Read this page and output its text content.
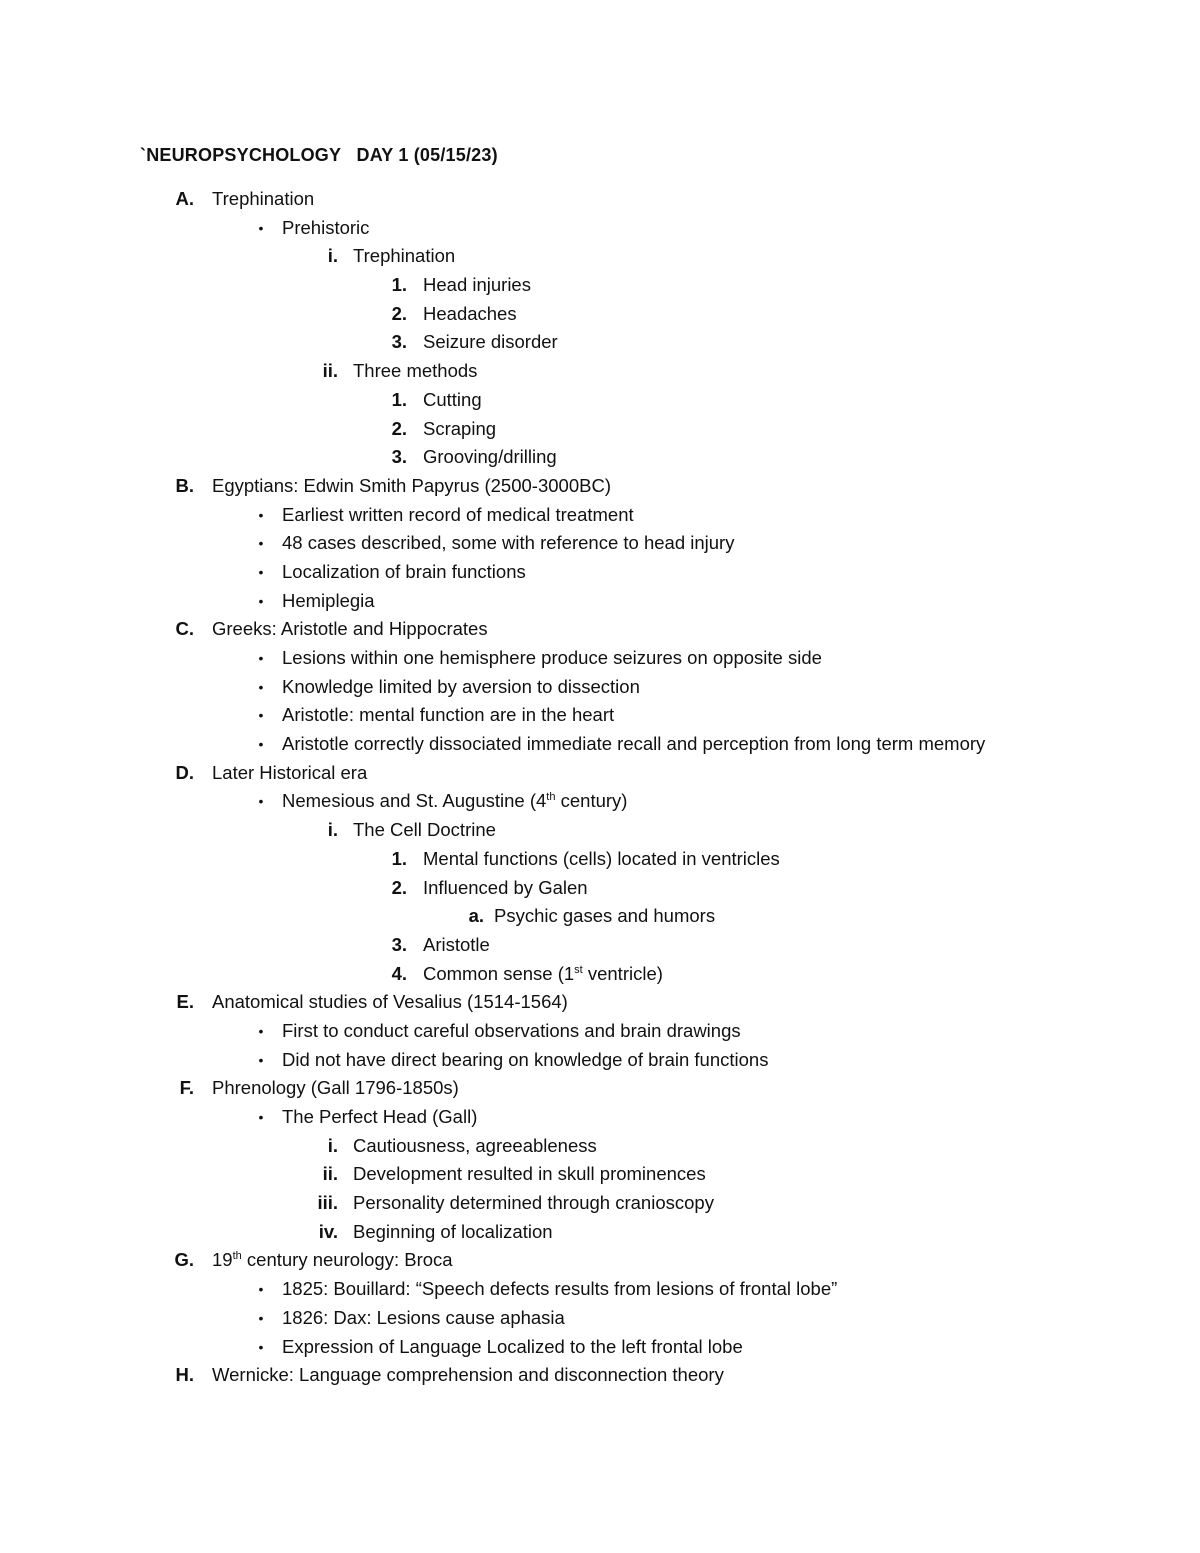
`NEUROPSYCHOLOGY   DAY 1 (05/15/23)
A. Trephination
• Prehistoric
i. Trephination
1. Head injuries
2. Headaches
3. Seizure disorder
ii. Three methods
1. Cutting
2. Scraping
3. Grooving/drilling
B. Egyptians: Edwin Smith Papyrus (2500-3000BC)
• Earliest written record of medical treatment
• 48 cases described, some with reference to head injury
• Localization of brain functions
• Hemiplegia
C. Greeks: Aristotle and Hippocrates
• Lesions within one hemisphere produce seizures on opposite side
• Knowledge limited by aversion to dissection
• Aristotle: mental function are in the heart
• Aristotle correctly dissociated immediate recall and perception from long term memory
D. Later Historical era
• Nemesious and St. Augustine (4th century)
i. The Cell Doctrine
1. Mental functions (cells) located in ventricles
2. Influenced by Galen
a. Psychic gases and humors
3. Aristotle
4. Common sense (1st ventricle)
E. Anatomical studies of Vesalius (1514-1564)
• First to conduct careful observations and brain drawings
• Did not have direct bearing on knowledge of brain functions
F. Phrenology (Gall 1796-1850s)
• The Perfect Head (Gall)
i. Cautiousness, agreeableness
ii. Development resulted in skull prominences
iii. Personality determined through cranioscopy
iv. Beginning of localization
G. 19th century neurology: Broca
• 1825: Bouillard: “Speech defects results from lesions of frontal lobe”
• 1826: Dax: Lesions cause aphasia
• Expression of Language Localized to the left frontal lobe
H. Wernicke: Language comprehension and disconnection theory
